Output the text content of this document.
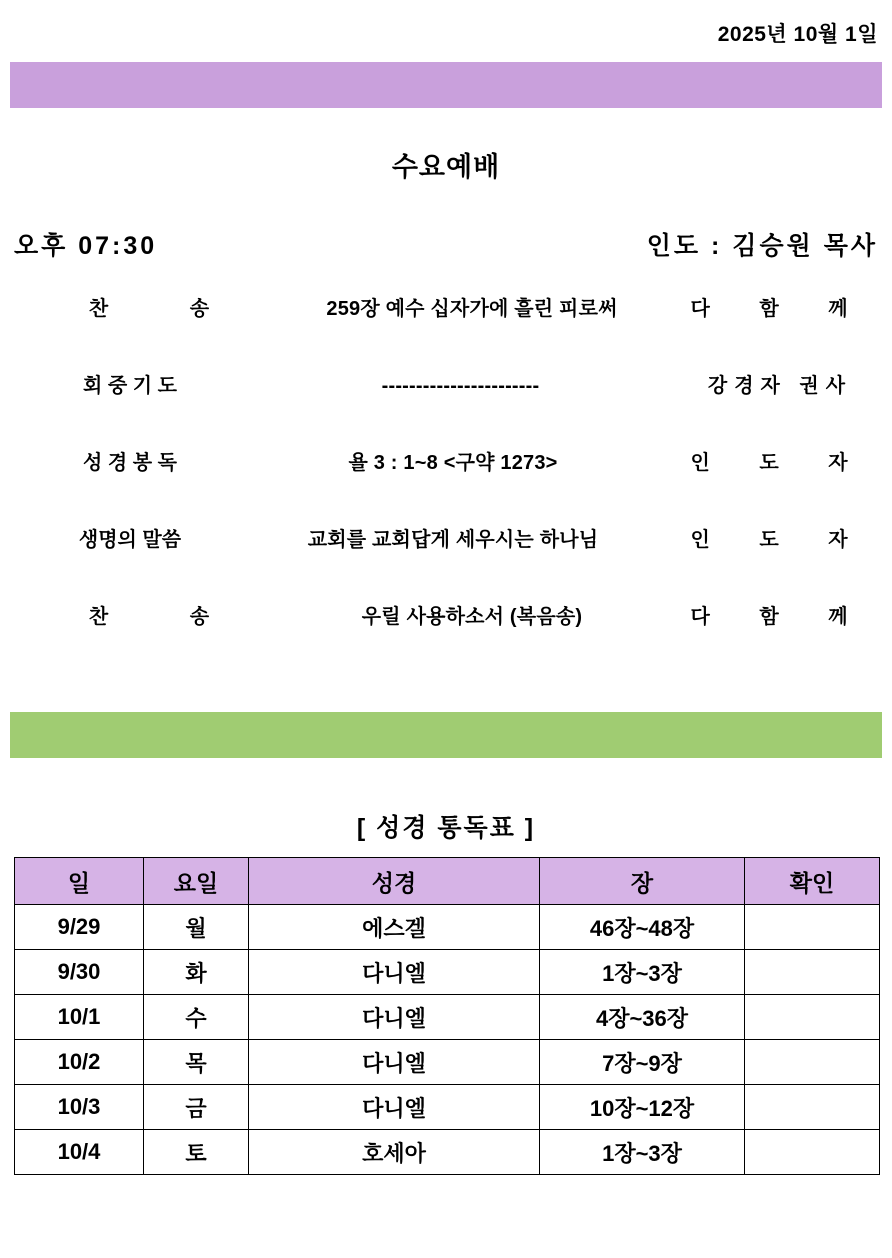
2025년 10월 1일
수요예배
오후 07:30	인도 : 김승원 목사
찬 송	259장 예수 십자가에 흘린 피로써	다 함 께
회 중 기 도	-----------------------	강경자 권사
성 경 봉 독	욜 3 : 1~8 <구약 1273>	인 도 자
생명의 말씀	교회를 교회답게 세우시는 하나님	인 도 자
찬 송	우릴 사용하소서 (복음송)	다 함 께
[ 성경 통독표 ]
일	요일	성경	장	확인
9/29	월	에스겔	46장~48장	
9/30	화	다니엘	1장~3장	
10/1	수	다니엘	4장~36장	
10/2	목	다니엘	7장~9장	
10/3	금	다니엘	10장~12장	
10/4	토	호세아	1장~3장	
